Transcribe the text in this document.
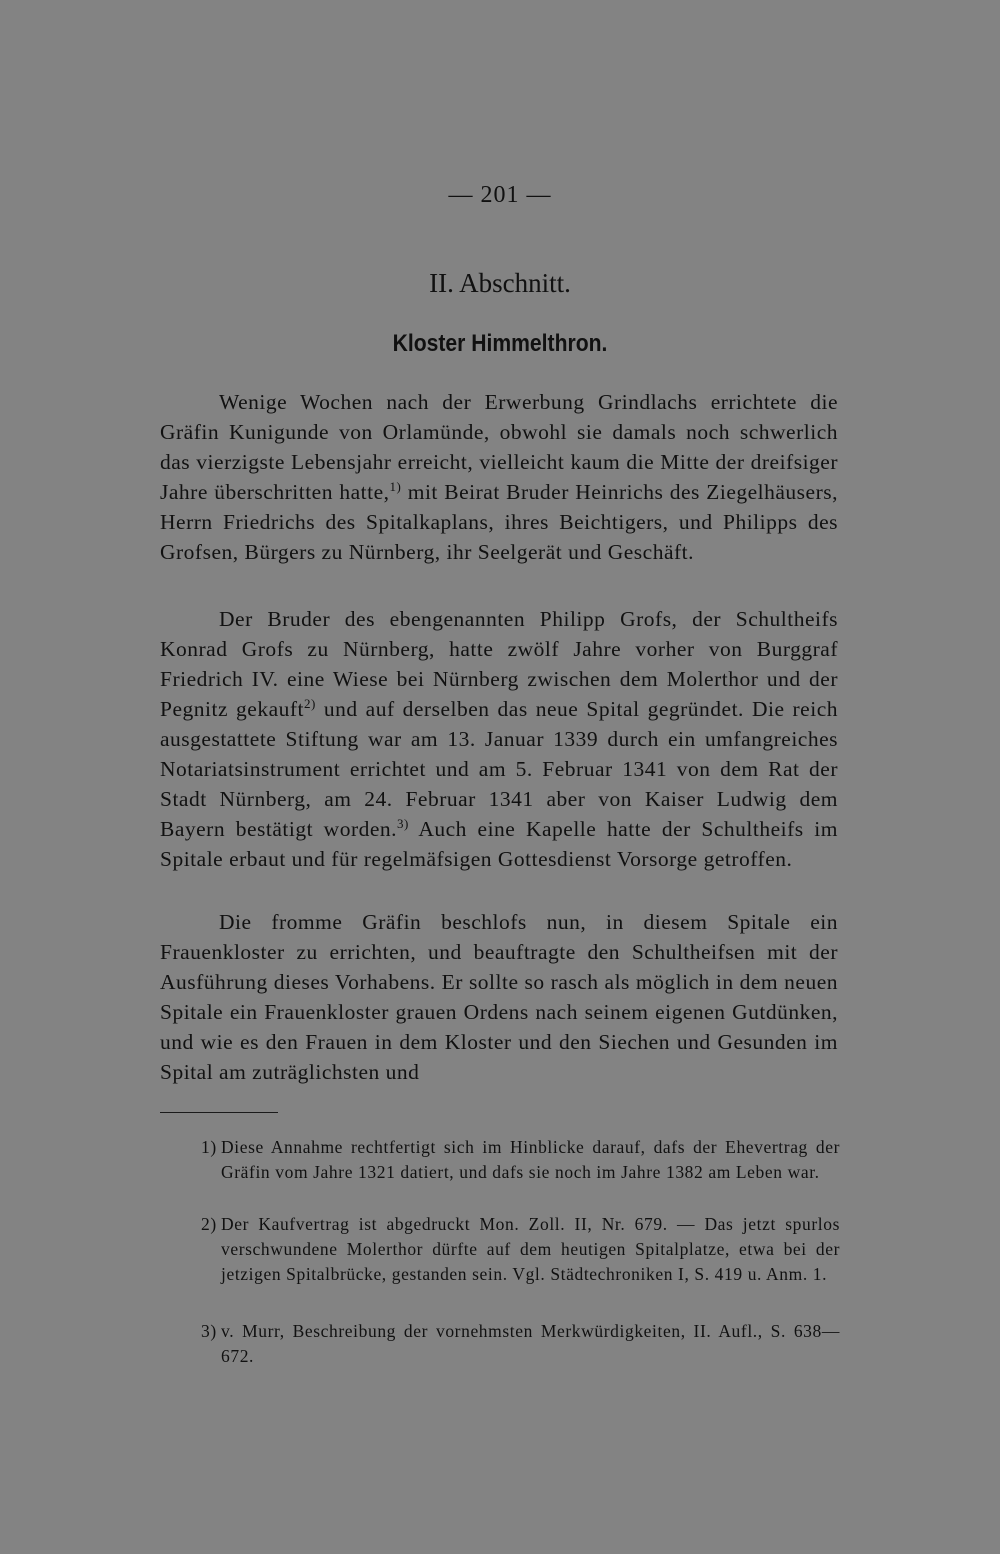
— 201 —
II. Abschnitt.
Kloster Himmelthron.

Wenige Wochen nach der Erwerbung Grindlachs errichtete die Gräfin Kunigunde von Orlamünde, obwohl sie damals noch schwerlich das vierzigste Lebensjahr erreicht, vielleicht kaum die Mitte der dreifsiger Jahre überschritten hatte,$^{1)}$ mit Beirat Bruder Heinrichs des Ziegelhäusers, Herrn Friedrichs des Spitalkaplans, ihres Beichtigers, und Philipps des Grofsen, Bürgers zu Nürnberg, ihr Seelgerät und Geschäft.

Der Bruder des ebengenannten Philipp Grofs, der Schultheifs Konrad Grofs zu Nürnberg, hatte zwölf Jahre vorher von Burggraf Friedrich IV. eine Wiese bei Nürnberg zwischen dem Molerthor und der Pegnitz gekauft$^{2)}$ und auf derselben das neue Spital gegründet. Die reich ausgestattete Stiftung war am 13. Januar 1339 durch ein umfangreiches Notariatsinstrument errichtet und am 5. Februar 1341 von dem Rat der Stadt Nürnberg, am 24. Februar 1341 aber von Kaiser Ludwig dem Bayern bestätigt worden.$^{3)}$ Auch eine Kapelle hatte der Schultheifs im Spitale erbaut und für regelmäfsigen Gottesdienst Vorsorge getroffen.

Die fromme Gräfin beschlofs nun, in diesem Spitale ein Frauenkloster zu errichten, und beauftragte den Schultheifsen mit der Ausführung dieses Vorhabens. Er sollte so rasch als möglich in dem neuen Spitale ein Frauenkloster grauen Ordens nach seinem eigenen Gutdünken, und wie es den Frauen in dem Kloster und den Siechen und Gesunden im Spital am zuträglichsten und

1) Diese Annahme rechtfertigt sich im Hinblicke darauf, dafs der Ehevertrag der Gräfin vom Jahre 1321 datiert, und dafs sie noch im Jahre 1382 am Leben war.
2) Der Kaufvertrag ist abgedruckt Mon. Zoll. II, Nr. 679. — Das jetzt spurlos verschwundene Molerthor dürfte auf dem heutigen Spitalplatze, etwa bei der jetzigen Spitalbrücke, gestanden sein. Vgl. Städtechroniken I, S. 419 u. Anm. 1.
3) v. Murr, Beschreibung der vornehmsten Merkwürdigkeiten, II. Aufl., S. 638—672.
